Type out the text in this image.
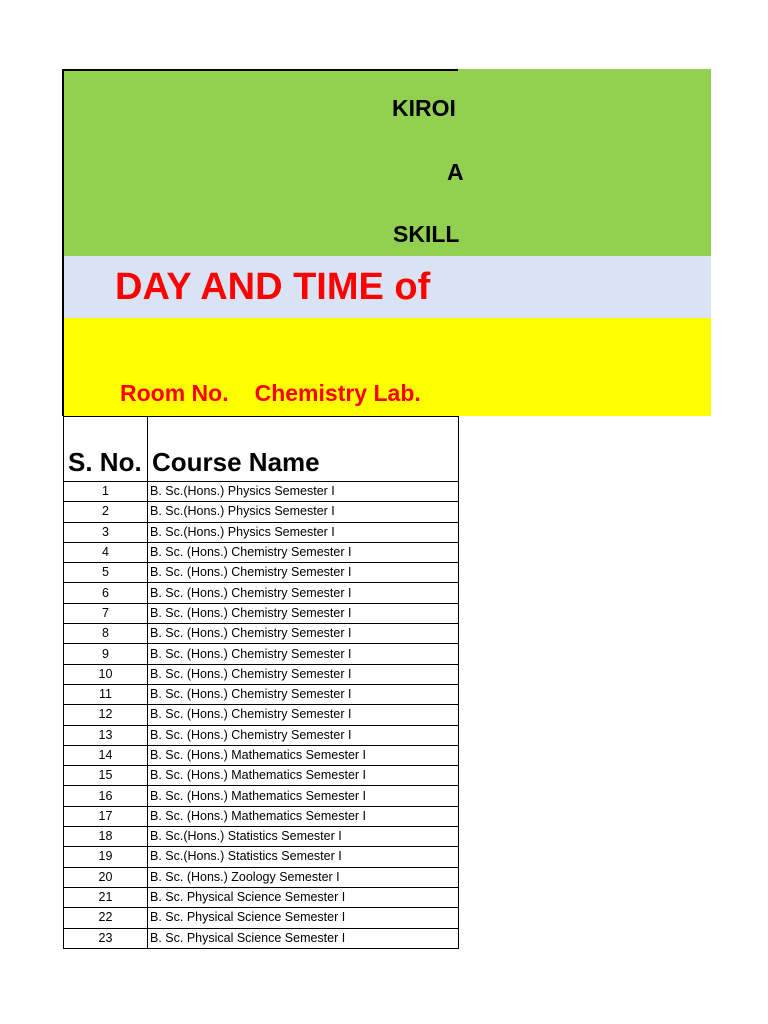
KIROI
A
SKILL
DAY AND TIME of
Room No. Chemistry Lab.
S. No.	Course Name
1	B. Sc.(Hons.) Physics Semester I
2	B. Sc.(Hons.) Physics Semester I
3	B. Sc.(Hons.) Physics Semester I
4	B. Sc. (Hons.) Chemistry Semester I
5	B. Sc. (Hons.) Chemistry Semester I
6	B. Sc. (Hons.) Chemistry Semester I
7	B. Sc. (Hons.) Chemistry Semester I
8	B. Sc. (Hons.) Chemistry Semester I
9	B. Sc. (Hons.) Chemistry Semester I
10	B. Sc. (Hons.) Chemistry Semester I
11	B. Sc. (Hons.) Chemistry Semester I
12	B. Sc. (Hons.) Chemistry Semester I
13	B. Sc. (Hons.) Chemistry Semester I
14	B. Sc. (Hons.) Mathematics Semester I
15	B. Sc. (Hons.) Mathematics Semester I
16	B. Sc. (Hons.) Mathematics Semester I
17	B. Sc. (Hons.) Mathematics Semester I
18	B. Sc.(Hons.) Statistics Semester I
19	B. Sc.(Hons.) Statistics Semester I
20	B. Sc. (Hons.) Zoology Semester I
21	B. Sc. Physical Science Semester I
22	B. Sc. Physical Science Semester I
23	B. Sc. Physical Science Semester I
